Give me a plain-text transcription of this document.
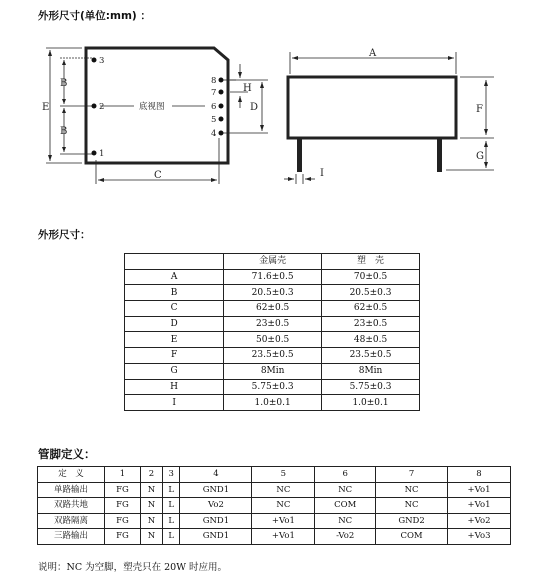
外形尺寸(单位:mm) ：
3
2
1
8
7
6
5
4
底视图
E
B
B
C
H
D
A
F
G
I
外形尺寸：
	金属壳	塑　壳
A	71.6±0.5	70±0.5
B	20.5±0.3	20.5±0.3
C	62±0.5	62±0.5
D	23±0.5	23±0.5
E	50±0.5	48±0.5
F	23.5±0.5	23.5±0.5
G	8Min	8Min
H	5.75±0.3	5.75±0.3
I	1.0±0.1	1.0±0.1
管脚定义：
定　义	1	2	3	4	5	6	7	8
单路输出	FG	N	L	GND1	NC	NC	NC	+Vo1
双路共地	FG	N	L	Vo2	NC	COM	NC	+Vo1
双路隔离	FG	N	L	GND1	+Vo1	NC	GND2	+Vo2
三路输出	FG	N	L	GND1	+Vo1	-Vo2	COM	+Vo3
说明：NC 为空脚，塑壳只在 20W 时应用。
